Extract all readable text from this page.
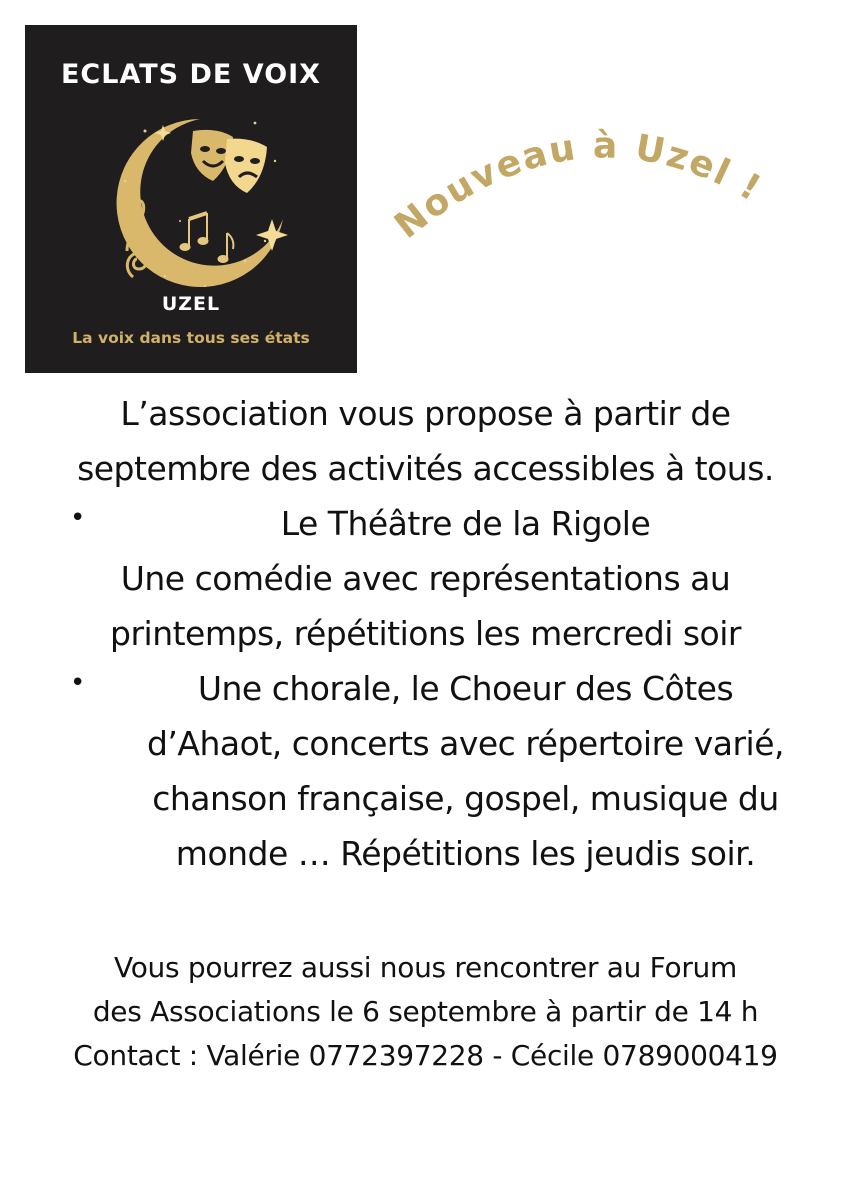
ECLATS DE VOIX
UZEL
La voix dans tous ses états
Nouveau à Uzel !
L’association vous propose à partir de
septembre des activités accessibles à tous.
•	Le Théâtre de la Rigole
Une comédie avec représentations au
printemps, répétitions les mercredi soir
•	Une chorale, le Choeur des Côtes
d’Ahaot, concerts avec répertoire varié,
chanson française, gospel, musique du
monde … Répétitions les jeudis soir.
Vous pourrez aussi nous rencontrer au Forum
des Associations le 6 septembre à partir de 14 h
Contact : Valérie 0772397228 - Cécile 0789000419
